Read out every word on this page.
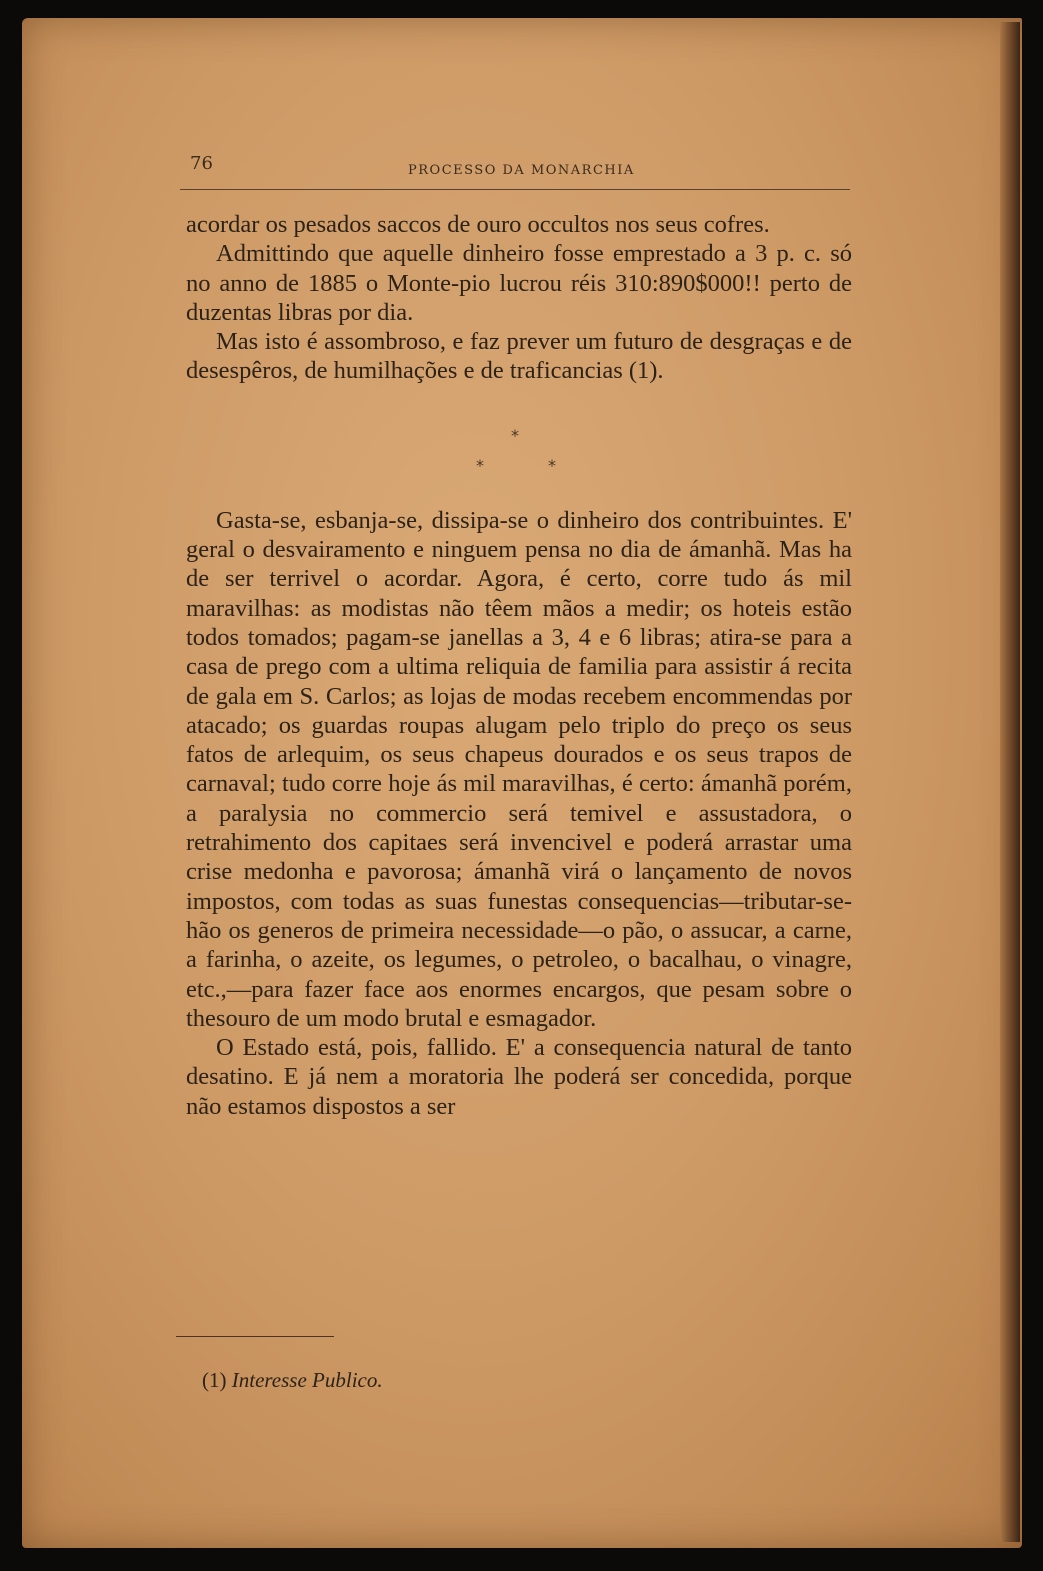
76	PROCESSO DA MONARCHIA

acordar os pesados saccos de ouro occultos nos seus cofres.

Admittindo que aquelle dinheiro fosse emprestado a 3 p. c. só no anno de 1885 o Monte-pio lucrou réis 310:890$000!! perto de duzentas libras por dia.

Mas isto é assombroso, e faz prever um futuro de desgraças e de desespêros, de humilhações e de traficancias (1).

*
*	*

Gasta-se, esbanja-se, dissipa-se o dinheiro dos contribuintes. E' geral o desvairamento e ninguem pensa no dia de ámanhã. Mas ha de ser terrivel o acordar. Agora, é certo, corre tudo ás mil maravilhas: as modistas não têem mãos a medir; os hoteis estão todos tomados; pagam-se janellas a 3, 4 e 6 libras; atira-se para a casa de prego com a ultima reliquia de familia para assistir á recita de gala em S. Carlos; as lojas de modas recebem encommendas por atacado; os guardas roupas alugam pelo triplo do preço os seus fatos de arlequim, os seus chapeus dourados e os seus trapos de carnaval; tudo corre hoje ás mil maravilhas, é certo: ámanhã porém, a paralysia no commercio será temivel e assustadora, o retrahimento dos capitaes será invencivel e poderá arrastar uma crise medonha e pavorosa; ámanhã virá o lançamento de novos impostos, com todas as suas funestas consequencias—tributar-se-hão os generos de primeira necessidade—o pão, o assucar, a carne, a farinha, o azeite, os legumes, o petroleo, o bacalhau, o vinagre, etc.,—para fazer face aos enormes encargos, que pesam sobre o thesouro de um modo brutal e esmagador.

O Estado está, pois, fallido. E' a consequencia natural de tanto desatino. E já nem a moratoria lhe poderá ser concedida, porque não estamos dispostos a ser

(1) Interesse Publico.
